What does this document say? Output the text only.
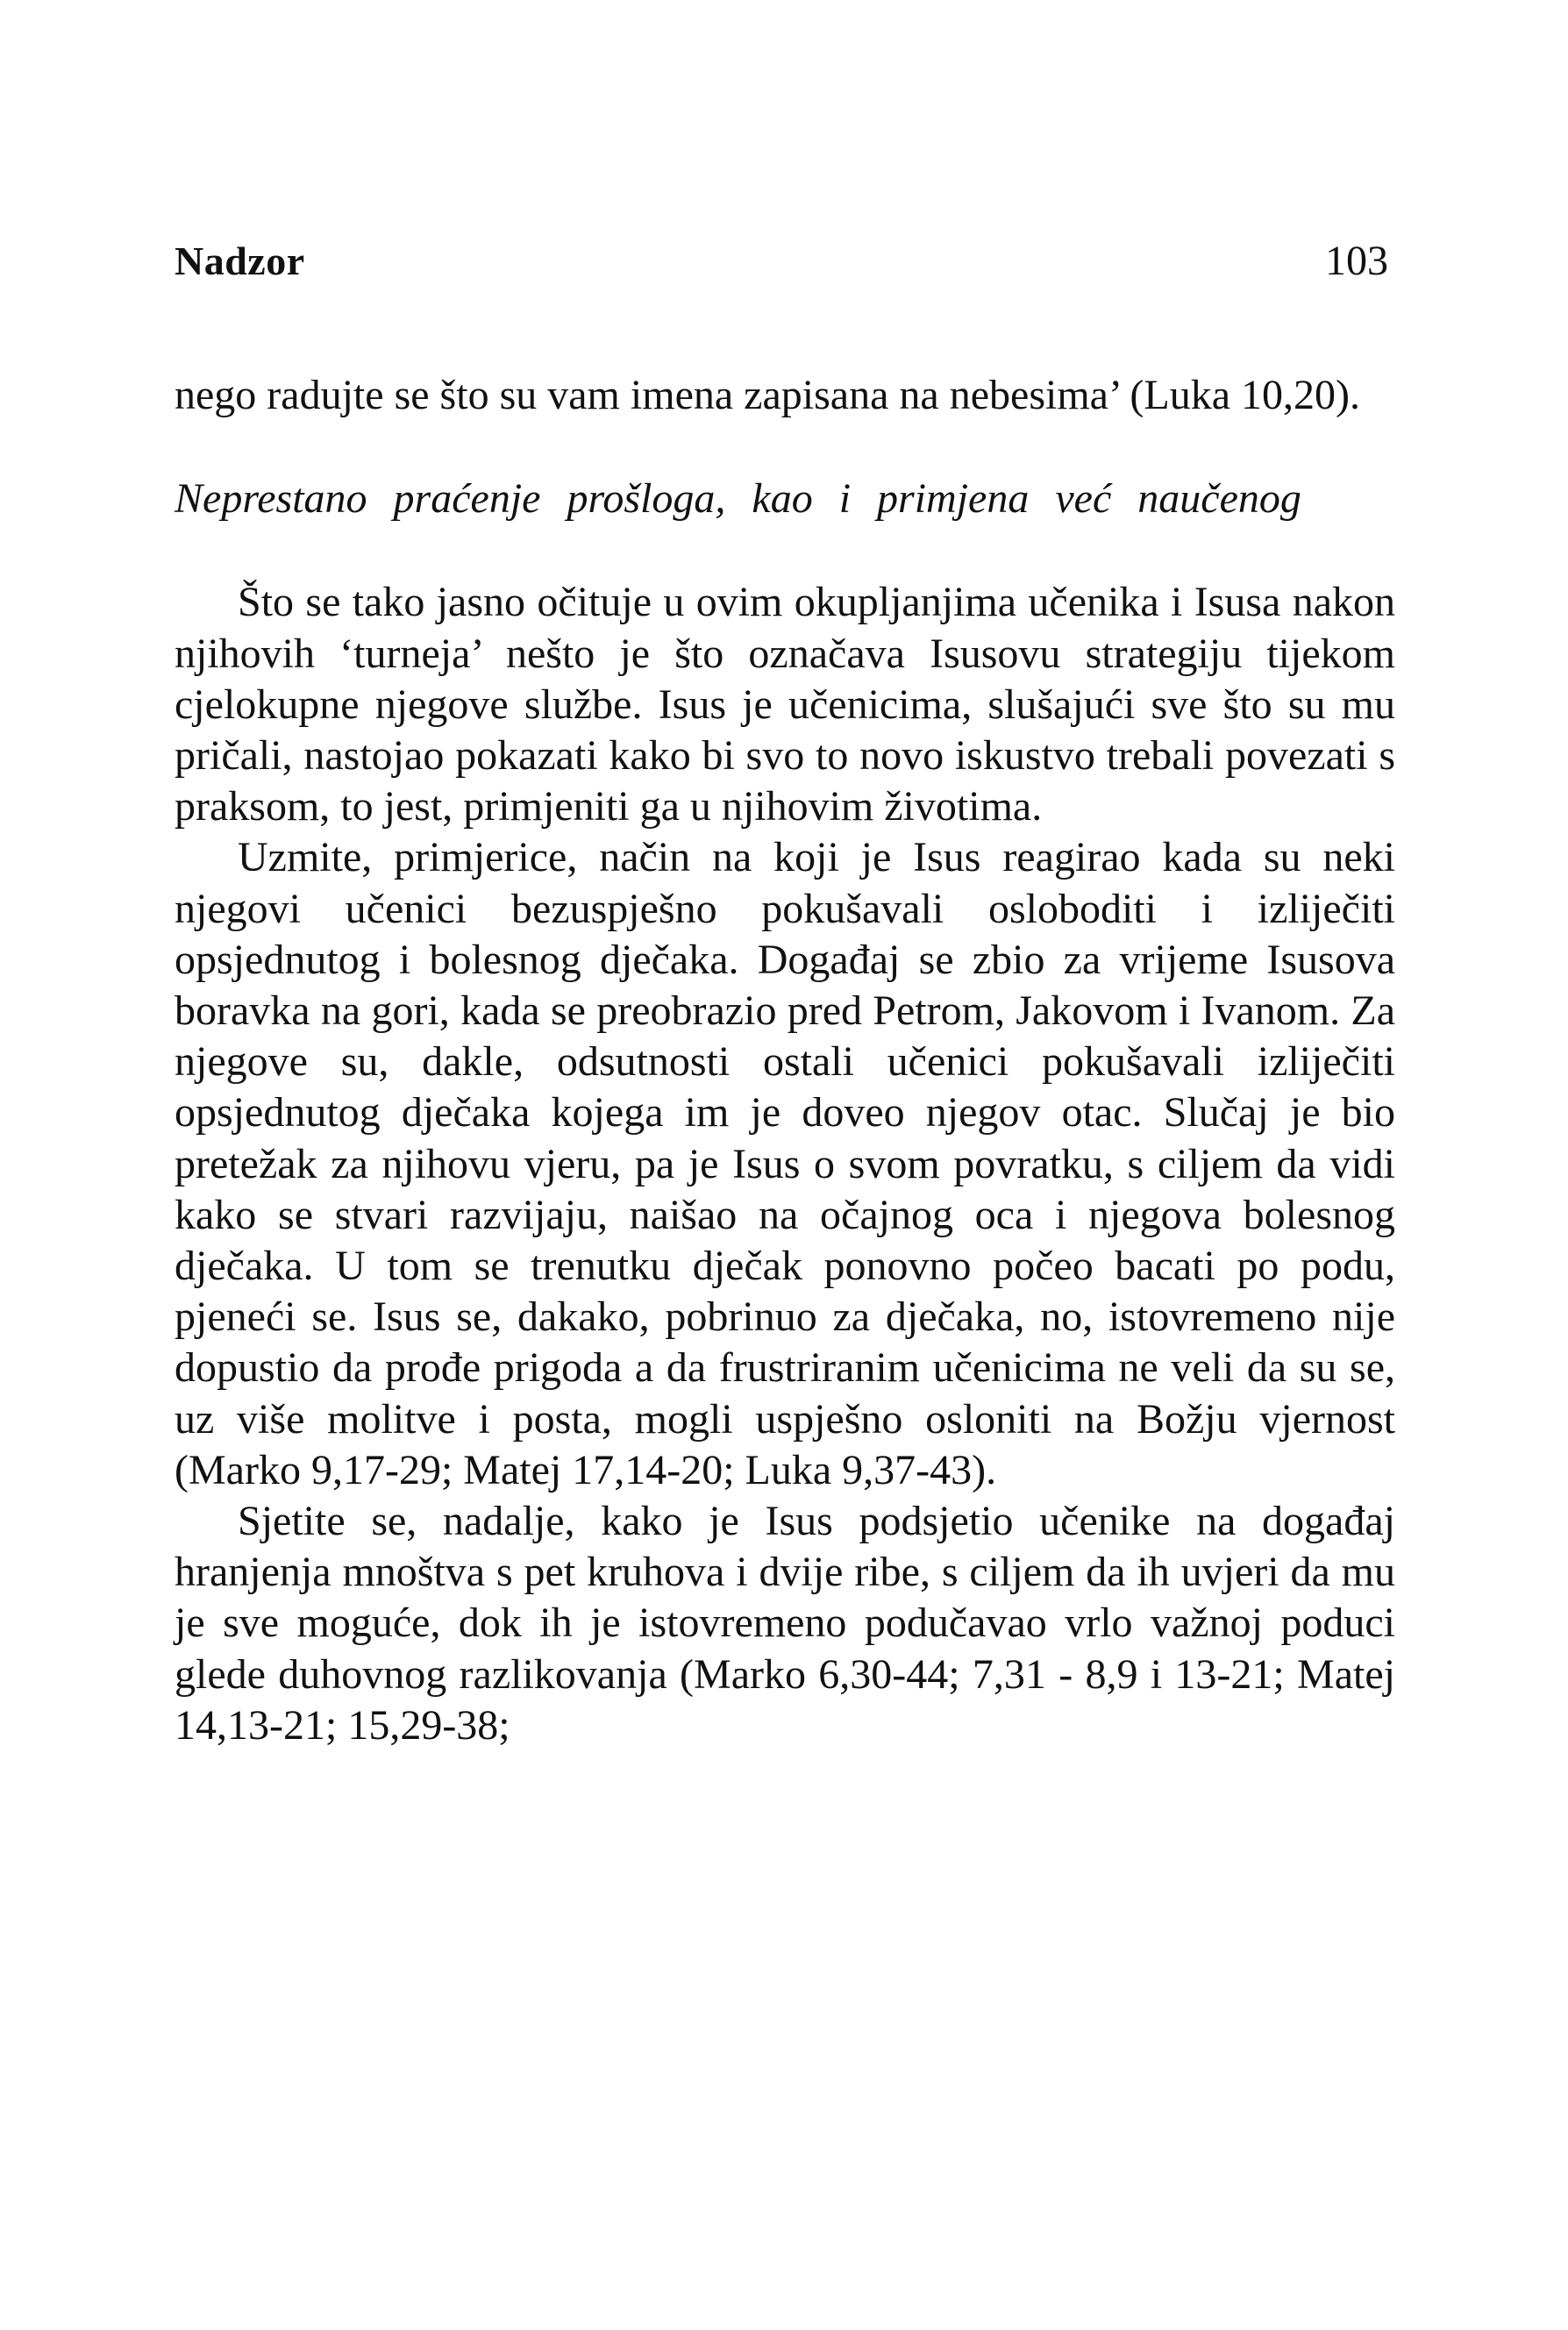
Nadzor	103

nego radujte se što su vam imena zapisana na nebesima’ (Luka 10,20).

Neprestano praćenje prošloga, kao i primjena već naučenog

Što se tako jasno očituje u ovim okupljanjima učenika i Isusa nakon njihovih ‘turneja’ nešto je što označava Isusovu strategiju tijekom cjelokupne njegove službe. Isus je učenicima, slušajući sve što su mu pričali, nastojao pokazati kako bi svo to novo iskustvo trebali povezati s praksom, to jest, primjeniti ga u njihovim životima.

Uzmite, primjerice, način na koji je Isus reagirao kada su neki njegovi učenici bezuspješno pokušavali osloboditi i izliječiti opsjednutog i bolesnog dječaka. Događaj se zbio za vrijeme Isusova boravka na gori, kada se preobrazio pred Petrom, Jakovom i Ivanom. Za njegove su, dakle, odsutnosti ostali učenici pokušavali izliječiti opsjednutog dječaka kojega im je doveo njegov otac. Slučaj je bio pretežak za njihovu vjeru, pa je Isus o svom povratku, s ciljem da vidi kako se stvari razvijaju, naišao na očajnog oca i njegova bolesnog dječaka. U tom se trenutku dječak ponovno počeo bacati po podu, pjeneći se. Isus se, dakako, pobrinuo za dječaka, no, istovremeno nije dopustio da prođe prigoda a da frustriranim učenicima ne veli da su se, uz više molitve i posta, mogli uspješno osloniti na Božju vjernost (Marko 9,17-29; Matej 17,14-20; Luka 9,37-43).

Sjetite se, nadalje, kako je Isus podsjetio učenike na događaj hranjenja mnoštva s pet kruhova i dvije ribe, s ciljem da ih uvjeri da mu je sve moguće, dok ih je istovremeno podučavao vrlo važnoj poduci glede duhovnog razlikovanja (Marko 6,30-44; 7,31 - 8,9 i 13-21; Matej 14,13-21; 15,29-38;
